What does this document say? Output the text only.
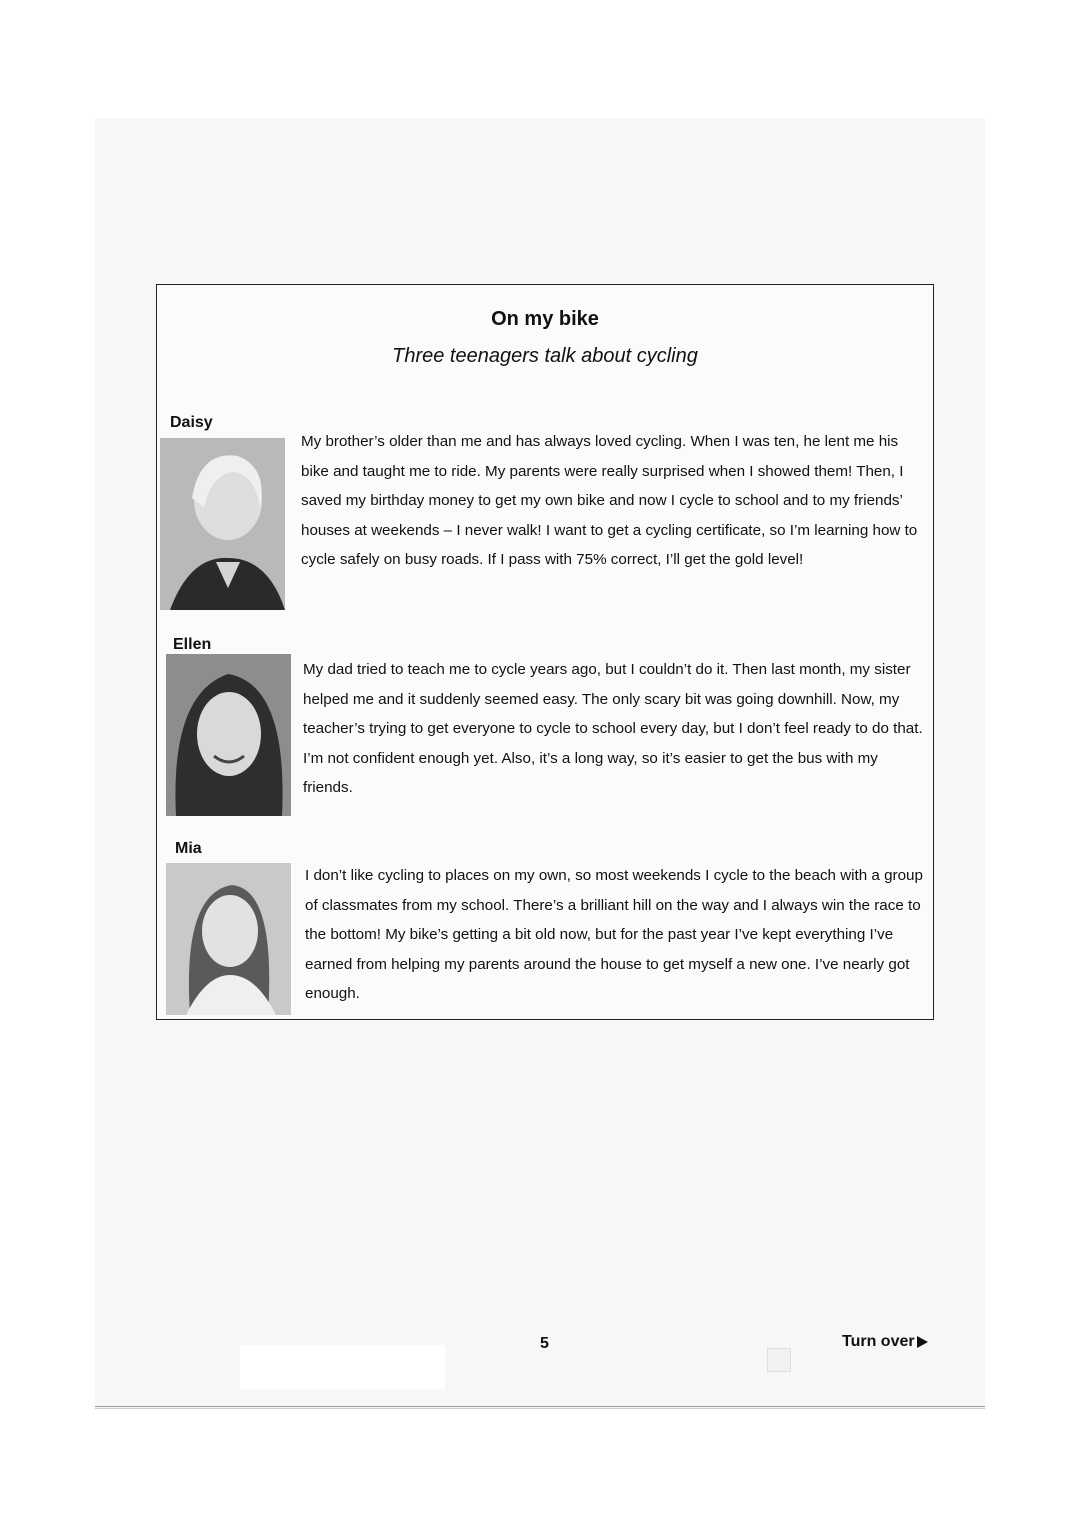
On my bike
Three teenagers talk about cycling
Daisy

My brother’s older than me and has always loved cycling. When I was ten, he lent me his bike and taught me to ride. My parents were really surprised when I showed them! Then, I saved my birthday money to get my own bike and now I cycle to school and to my friends’ houses at weekends – I never walk! I want to get a cycling certificate, so I’m learning how to cycle safely on busy roads. If I pass with 75% correct, I’ll get the gold level!

Ellen

My dad tried to teach me to cycle years ago, but I couldn’t do it. Then last month, my sister helped me and it suddenly seemed easy. The only scary bit was going downhill. Now, my teacher’s trying to get everyone to cycle to school every day, but I don’t feel ready to do that. I’m not confident enough yet. Also, it’s a long way, so it’s easier to get the bus with my friends.

Mia

I don’t like cycling to places on my own, so most weekends I cycle to the beach with a group of classmates from my school. There’s a brilliant hill on the way and I always win the race to the bottom! My bike’s getting a bit old now, but for the past year I’ve kept everything I’ve earned from helping my parents around the house to get myself a new one. I’ve nearly got enough.

5	Turn over
